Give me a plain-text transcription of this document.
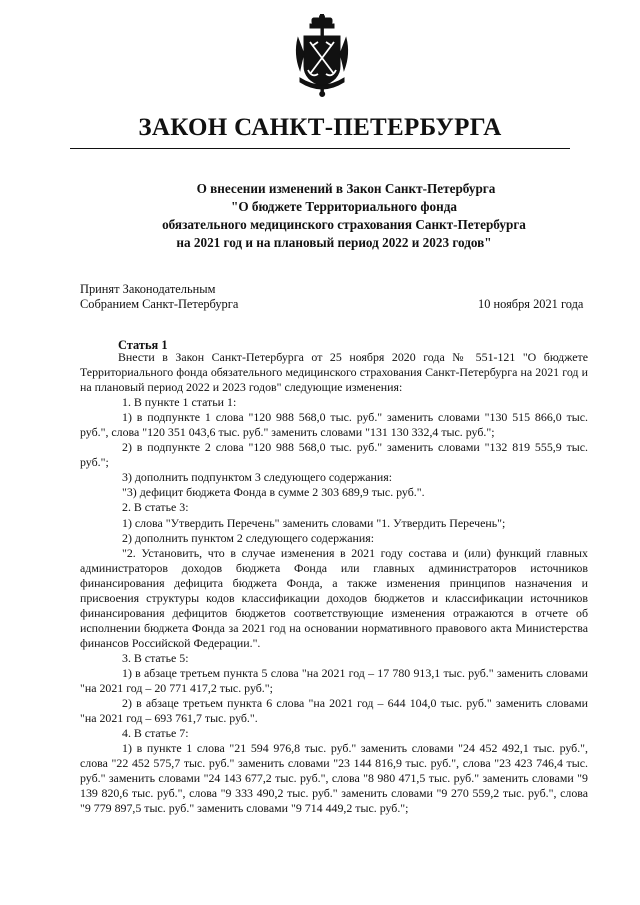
ЗАКОН САНКТ-ПЕТЕРБУРГА
О внесении изменений в Закон Санкт-Петербурга
"О бюджете Территориального фонда
обязательного медицинского страхования Санкт-Петербурга
на 2021 год и на плановый период 2022 и 2023 годов"
Принят Законодательным
Собранием Санкт-Петербурга	10 ноября 2021 года
Статья 1

Внести в Закон Санкт-Петербурга от 25 ноября 2020 года № 551-121 "О бюджете Территориального фонда обязательного медицинского страхования Санкт-Петербурга на 2021 год и на плановый период 2022 и 2023 годов" следующие изменения:

1. В пункте 1 статьи 1:

1) в подпункте 1 слова "120 988 568,0 тыс. руб." заменить словами "130 515 866,0 тыс. руб.", слова "120 351 043,6 тыс. руб." заменить словами "131 130 332,4 тыс. руб.";

2) в подпункте 2 слова "120 988 568,0 тыс. руб." заменить словами "132 819 555,9 тыс. руб.";

3) дополнить подпунктом 3 следующего содержания:

"3) дефицит бюджета Фонда в сумме 2 303 689,9 тыс. руб.".

2. В статье 3:

1) слова "Утвердить Перечень" заменить словами "1. Утвердить Перечень";

2) дополнить пунктом 2 следующего содержания:

"2. Установить, что в случае изменения в 2021 году состава и (или) функций главных администраторов доходов бюджета Фонда или главных администраторов источников финансирования дефицита бюджета Фонда, а также изменения принципов назначения и присвоения структуры кодов классификации доходов бюджетов и классификации источников финансирования дефицитов бюджетов соответствующие изменения отражаются в отчете об исполнении бюджета Фонда за 2021 год на основании нормативного правового акта Министерства финансов Российской Федерации.".

3. В статье 5:

1) в абзаце третьем пункта 5 слова "на 2021 год – 17 780 913,1 тыс. руб." заменить словами "на 2021 год – 20 771 417,2 тыс. руб.";

2) в абзаце третьем пункта 6 слова "на 2021 год – 644 104,0 тыс. руб." заменить словами "на 2021 год – 693 761,7 тыс. руб.".

4. В статье 7:

1) в пункте 1 слова "21 594 976,8 тыс. руб." заменить словами "24 452 492,1 тыс. руб.", слова "22 452 575,7 тыс. руб." заменить словами "23 144 816,9 тыс. руб.", слова "23 423 746,4 тыс. руб." заменить словами "24 143 677,2 тыс. руб.", слова "8 980 471,5 тыс. руб." заменить словами "9 139 820,6 тыс. руб.", слова "9 333 490,2 тыс. руб." заменить словами "9 270 559,2 тыс. руб.", слова "9 779 897,5 тыс. руб." заменить словами "9 714 449,2 тыс. руб.";
